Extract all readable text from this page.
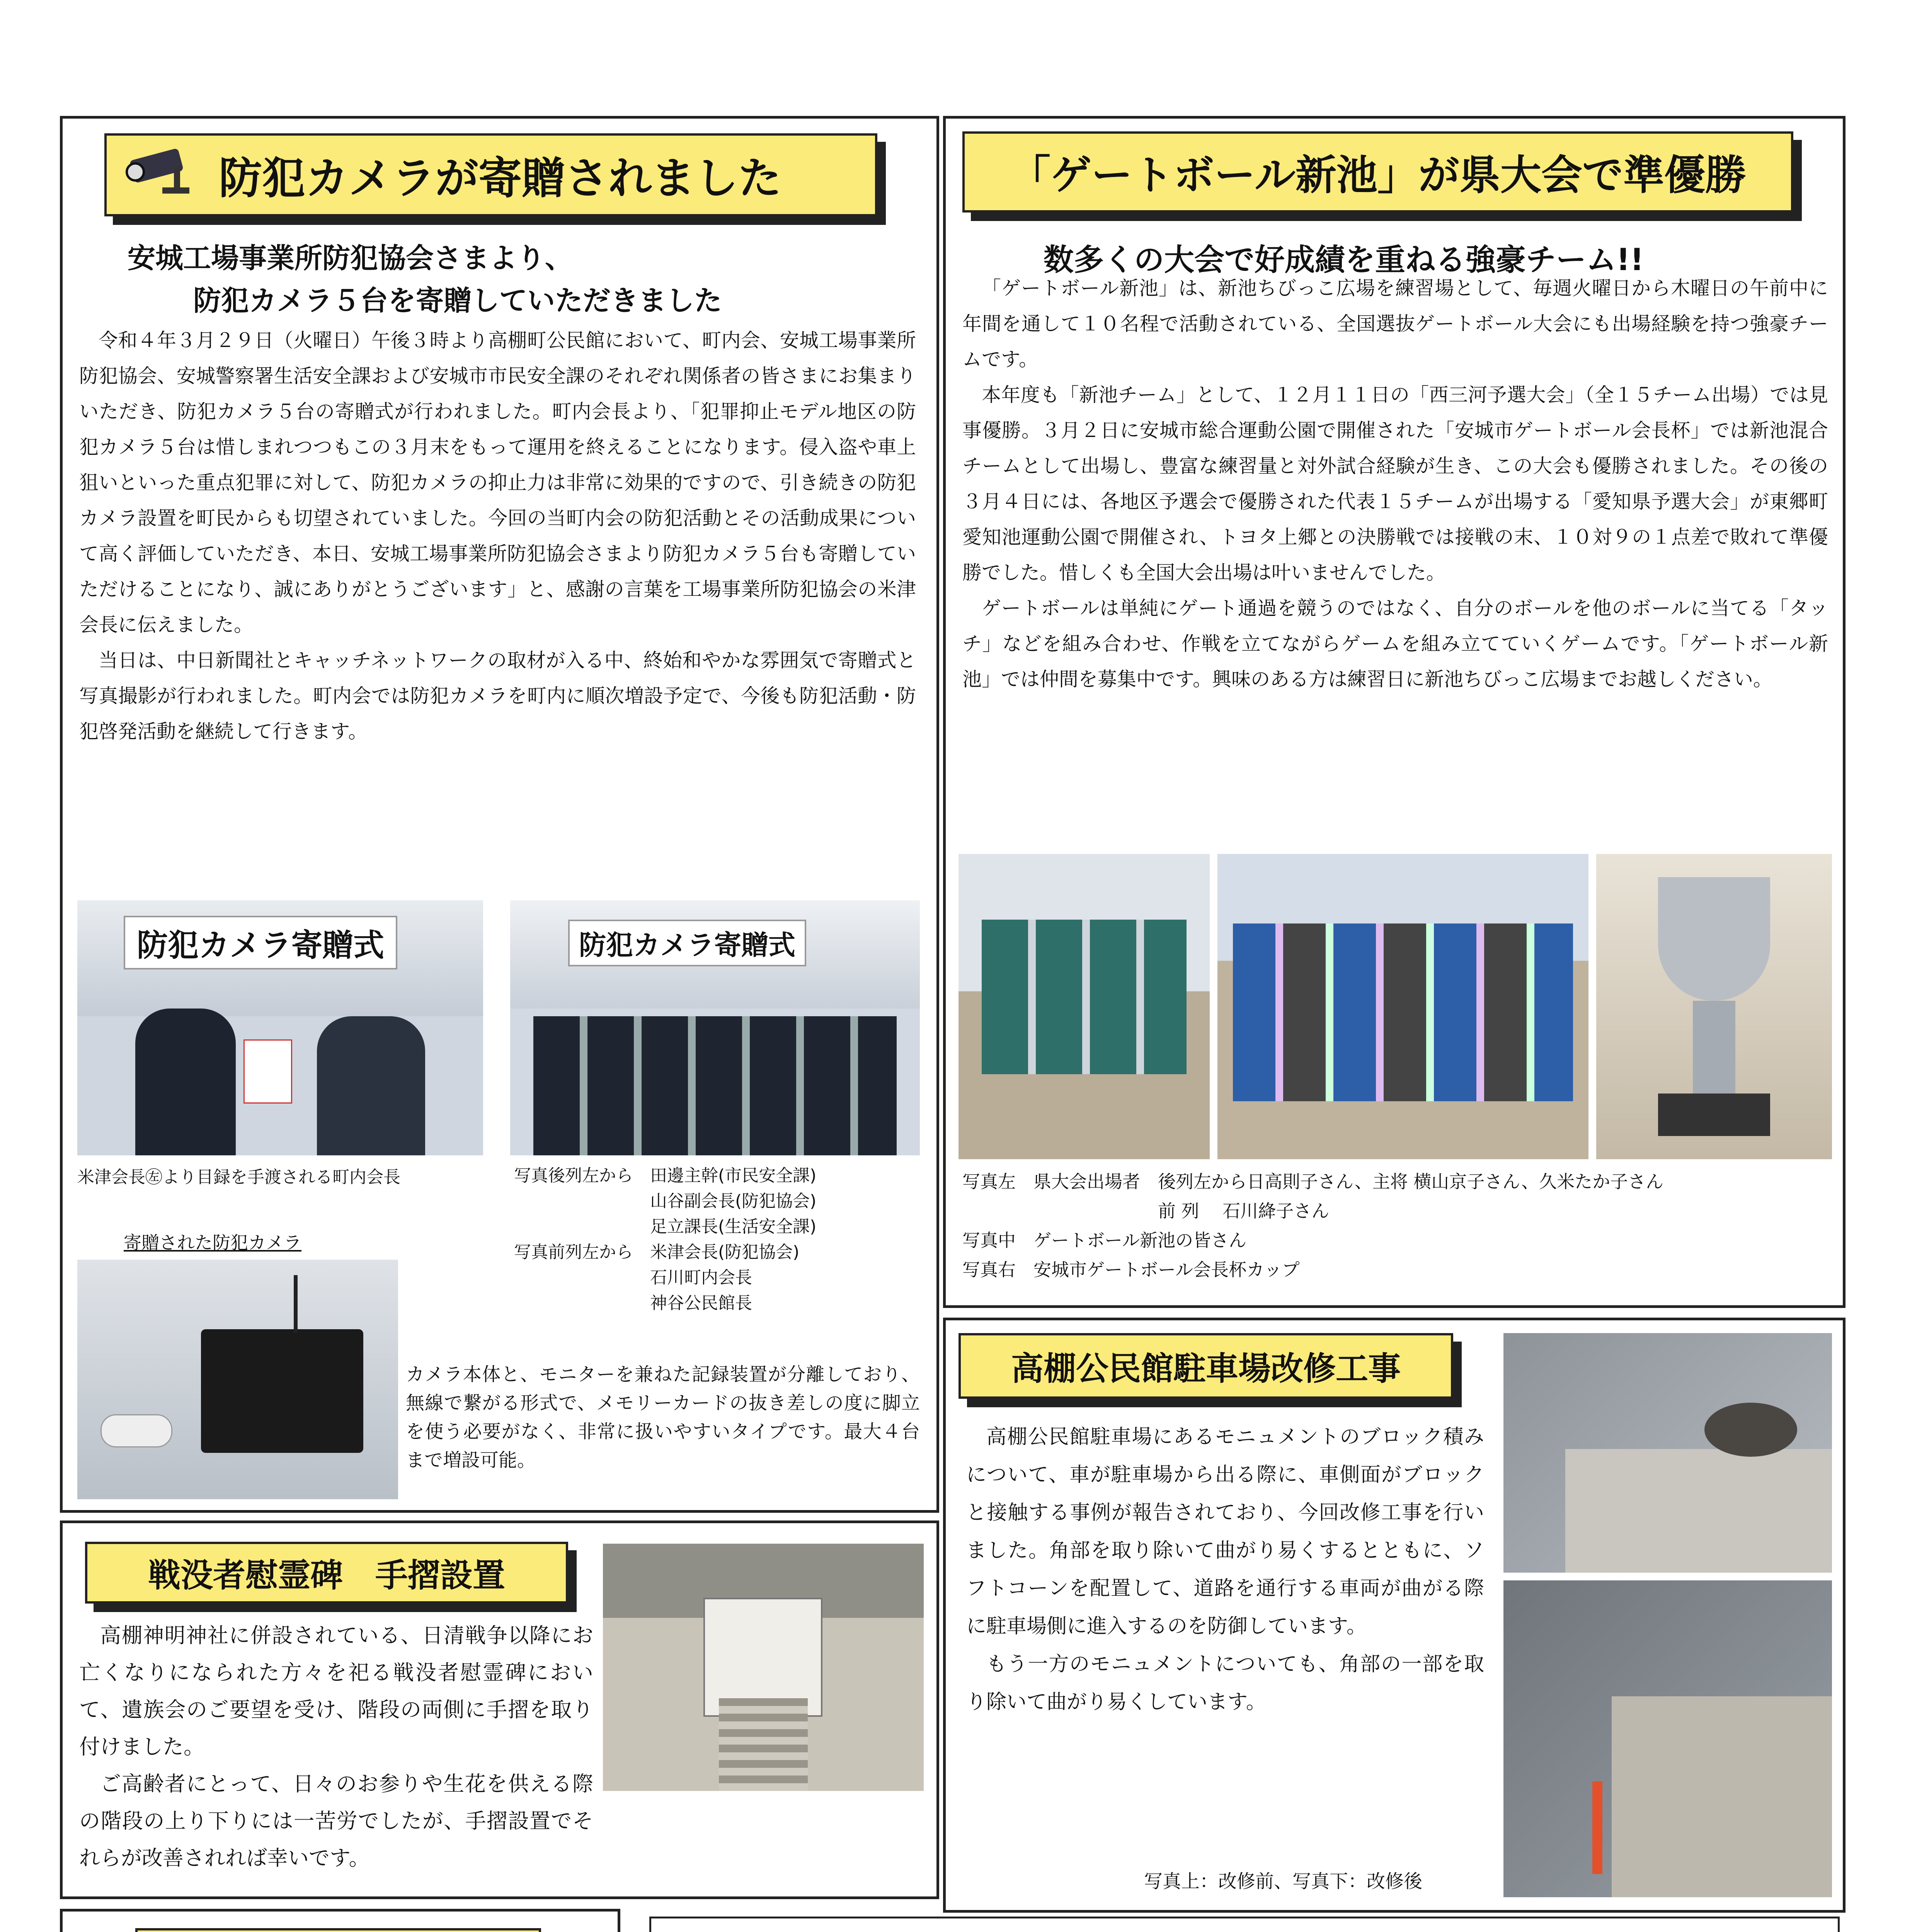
防犯カメラが寄贈されました
安城工場事業所防犯協会さまより、
防犯カメラ５台を寄贈していただきました

令和４年３月２９日（火曜日）午後３時より高棚町公民館において、町内会、安城工場事業所防犯協会、安城警察署生活安全課および安城市市民安全課のそれぞれ関係者の皆さまにお集まりいただき、防犯カメラ５台の寄贈式が行われました。町内会長より、「犯罪抑止モデル地区の防犯カメラ５台は惜しまれつつもこの３月末をもって運用を終えることになります。侵入盗や車上狙いといった重点犯罪に対して、防犯カメラの抑止力は非常に効果的ですので、引き続きの防犯カメラ設置を町民からも切望されていました。今回の当町内会の防犯活動とその活動成果について高く評価していただき、本日、安城工場事業所防犯協会さまより防犯カメラ５台も寄贈していただけることになり、誠にありがとうございます」と、感謝の言葉を工場事業所防犯協会の米津会長に伝えました。

当日は、中日新聞社とキャッチネットワークの取材が入る中、終始和やかな雰囲気で寄贈式と写真撮影が行われました。町内会では防犯カメラを町内に順次増設予定で、今後も防犯活動・防犯啓発活動を継続して行きます。

防犯カメラ寄贈式	防犯カメラ寄贈式
米津会長㊧より目録を手渡される町内会長	写真後列左から　田邊主幹(市民安全課)
　　　　　　　　山谷副会長(防犯協会)
　　　　　　　　足立課長(生活安全課)
写真前列左から　米津会長(防犯協会)
　　　　　　　　石川町内会長
　　　　　　　　神谷公民館長
寄贈された防犯カメラ

カメラ本体と、モニターを兼ねた記録装置が分離しており、無線で繋がる形式で、メモリーカードの抜き差しの度に脚立を使う必要がなく、非常に扱いやすいタイプです。最大４台まで増設可能。

「ゲートボール新池」が県大会で準優勝
数多くの大会で好成績を重ねる強豪チーム!!

「ゲートボール新池」は、新池ちびっこ広場を練習場として、毎週火曜日から木曜日の午前中に年間を通して１０名程で活動されている、全国選抜ゲートボール大会にも出場経験を持つ強豪チームです。

本年度も「新池チーム」として、１２月１１日の「西三河予選大会」（全１５チーム出場）では見事優勝。３月２日に安城市総合運動公園で開催された「安城市ゲートボール会長杯」では新池混合チームとして出場し、豊富な練習量と対外試合経験が生き、この大会も優勝されました。その後の３月４日には、各地区予選会で優勝された代表１５チームが出場する「愛知県予選大会」が東郷町愛知池運動公園で開催され、トヨタ上郷との決勝戦では接戦の末、１０対９の１点差で敗れて準優勝でした。惜しくも全国大会出場は叶いませんでした。

ゲートボールは単純にゲート通過を競うのではなく、自分のボールを他のボールに当てる「タッチ」などを組み合わせ、作戦を立てながらゲームを組み立てていくゲームです。「ゲートボール新池」では仲間を募集中です。興味のある方は練習日に新池ちびっこ広場までお越しください。

写真左　県大会出場者　後列左から日高則子さん、主将 横山京子さん、久米たか子さん
　　　　　　　　　　　前 列　 石川絳子さん
写真中　ゲートボール新池の皆さん
写真右　安城市ゲートボール会長杯カップ
高棚公民館駐車場改修工事

高棚公民館駐車場にあるモニュメントのブロック積みについて、車が駐車場から出る際に、車側面がブロックと接触する事例が報告されており、今回改修工事を行いました。角部を取り除いて曲がり易くするとともに、ソフトコーンを配置して、道路を通行する車両が曲がる際に駐車場側に進入するのを防御しています。

もう一方のモニュメントについても、角部の一部を取り除いて曲がり易くしています。

写真上：改修前、写真下：改修後
戦没者慰霊碑　手摺設置

高棚神明神社に併設されている、日清戦争以降にお亡くなりになられた方々を祀る戦没者慰霊碑において、遺族会のご要望を受け、階段の両側に手摺を取り付けました。

ご高齢者にとって、日々のお参りや生花を供える際の階段の上り下りには一苦労でしたが、手摺設置でそれらが改善されれば幸いです。
